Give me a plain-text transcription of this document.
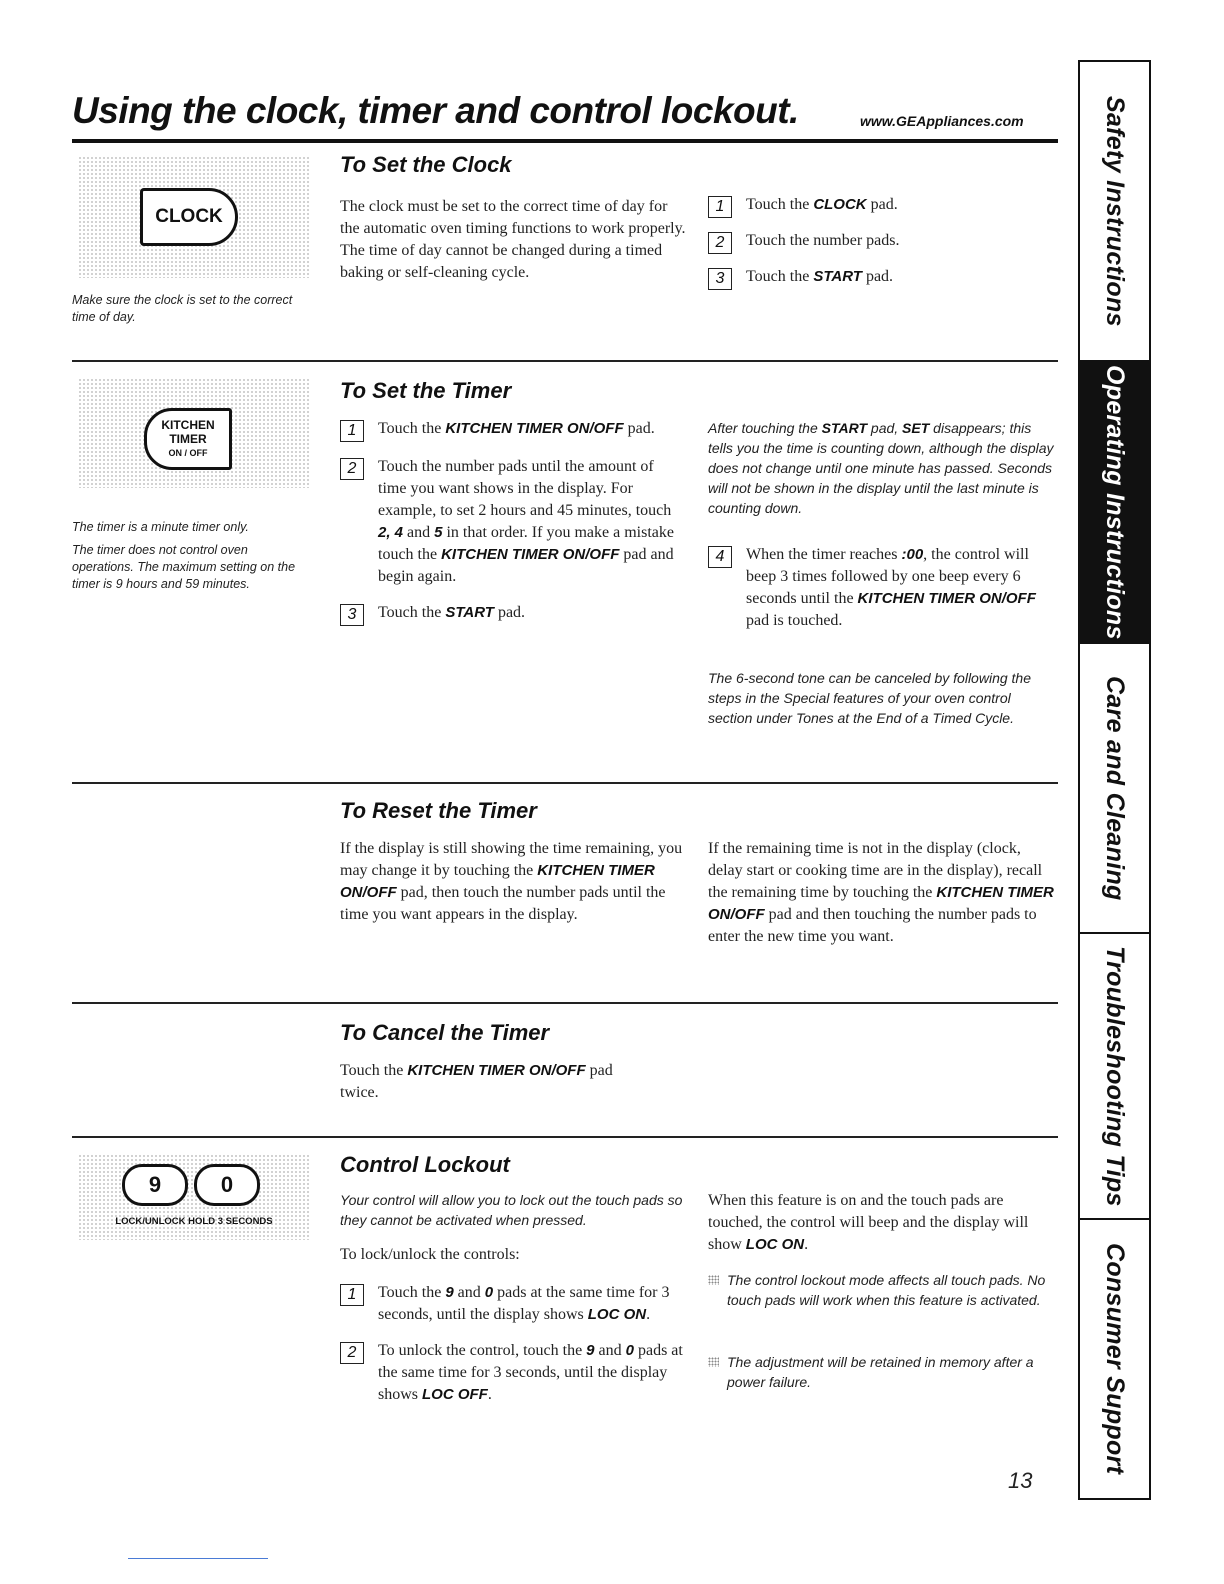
Using the clock, timer and control lockout.	www.GEAppliances.com	Safety Instructions
Operating Instructions
Care and Cleaning
Troubleshooting Tips
Consumer Support
CLOCK
Make sure the clock is set to the correct time of day.
To Set the Clock
The clock must be set to the correct time of day for the automatic oven timing functions to work properly. The time of day cannot be changed during a timed baking or self-cleaning cycle.
1	Touch the CLOCK pad.
2	Touch the number pads.
3	Touch the START pad.
KITCHEN
TIMER
ON / OFF
The timer is a minute timer only.
The timer does not control oven operations. The maximum setting on the timer is 9 hours and 59 minutes.
To Set the Timer
1	Touch the KITCHEN TIMER ON/OFF pad.
2	Touch the number pads until the amount of time you want shows in the display. For example, to set 2 hours and 45 minutes, touch 2, 4 and 5 in that order. If you make a mistake touch the KITCHEN TIMER ON/OFF pad and begin again.
3	Touch the START pad.
After touching the START pad, SET disappears; this tells you the time is counting down, although the display does not change until one minute has passed. Seconds will not be shown in the display until the last minute is counting down.
4	When the timer reaches :00, the control will beep 3 times followed by one beep every 6 seconds until the KITCHEN TIMER ON/OFF pad is touched.
The 6-second tone can be canceled by following the steps in the Special features of your oven control section under Tones at the End of a Timed Cycle.
To Reset the Timer
If the display is still showing the time remaining, you may change it by touching the KITCHEN TIMER ON/OFF pad, then touch the number pads until the time you want appears in the display.
If the remaining time is not in the display (clock, delay start or cooking time are in the display), recall the remaining time by touching the KITCHEN TIMER ON/OFF pad and then touching the number pads to enter the new time you want.
To Cancel the Timer
Touch the KITCHEN TIMER ON/OFF pad twice.
9	0
LOCK/UNLOCK HOLD 3 SECONDS
Control Lockout
Your control will allow you to lock out the touch pads so they cannot be activated when pressed.
To lock/unlock the controls:
1	Touch the 9 and 0 pads at the same time for 3 seconds, until the display shows LOC ON.
2	To unlock the control, touch the 9 and 0 pads at the same time for 3 seconds, until the display shows LOC OFF.
When this feature is on and the touch pads are touched, the control will beep and the display will show LOC ON.
The control lockout mode affects all touch pads. No touch pads will work when this feature is activated.
The adjustment will be retained in memory after a power failure.
13
